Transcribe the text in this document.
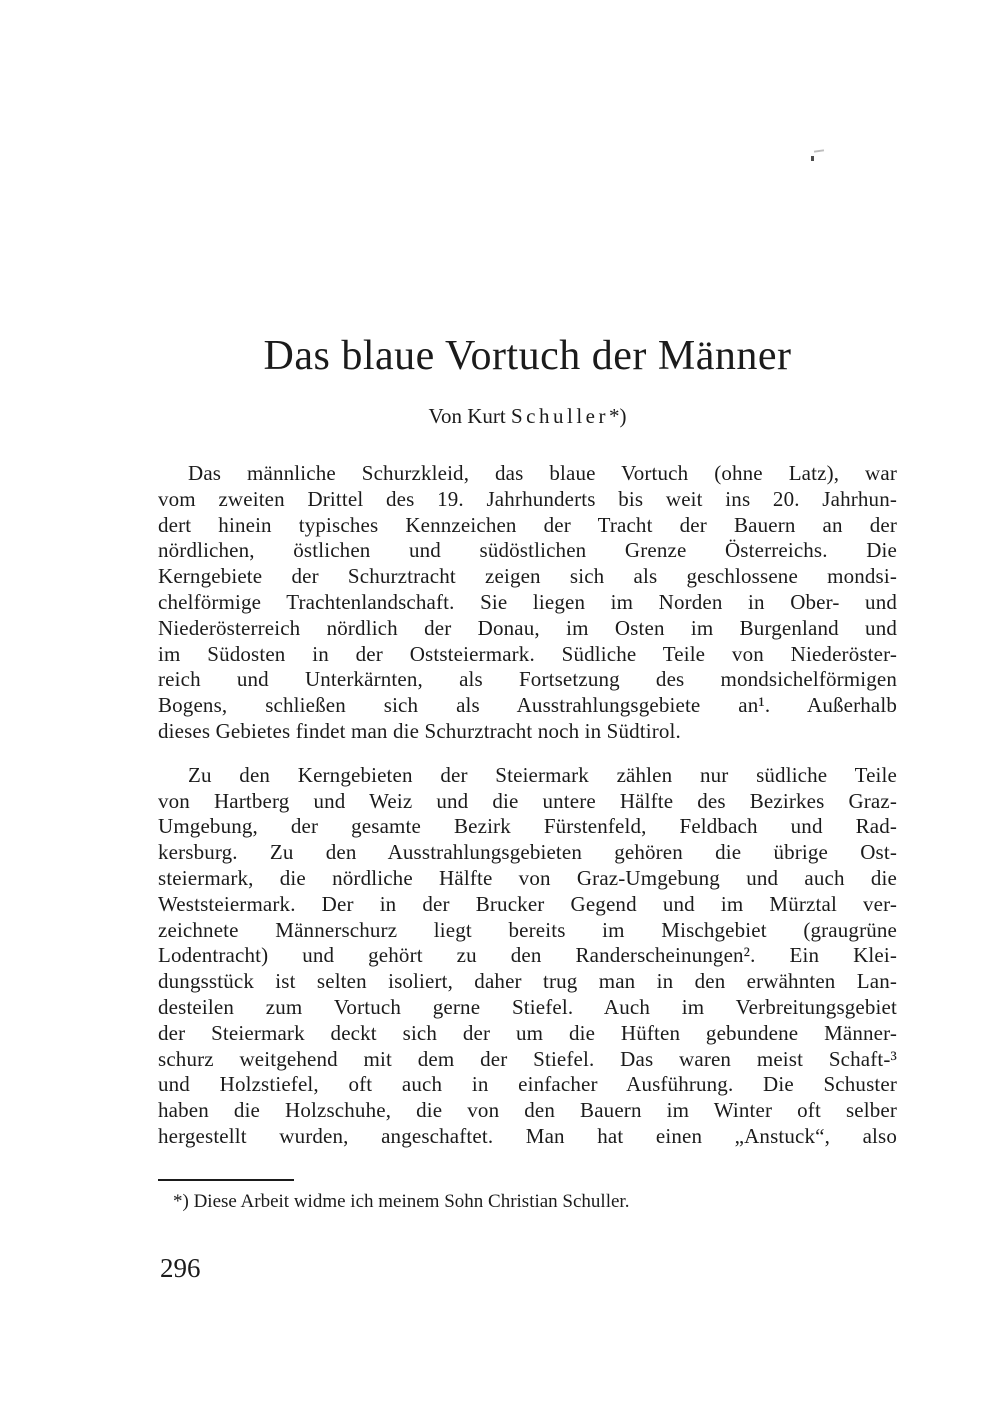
Das blaue Vortuch der Männer
Von Kurt Schuller*)
Das männliche Schurzkleid, das blaue Vortuch (ohne Latz), war
vom zweiten Drittel des 19. Jahrhunderts bis weit ins 20. Jahrhun-
dert hinein typisches Kennzeichen der Tracht der Bauern an der
nördlichen, östlichen und südöstlichen Grenze Österreichs. Die
Kerngebiete der Schurztracht zeigen sich als geschlossene mondsi-
chelförmige Trachtenlandschaft. Sie liegen im Norden in Ober- und
Niederösterreich nördlich der Donau, im Osten im Burgenland und
im Südosten in der Oststeiermark. Südliche Teile von Niederöster-
reich und Unterkärnten, als Fortsetzung des mondsichelförmigen
Bogens, schließen sich als Ausstrahlungsgebiete an¹. Außerhalb
dieses Gebietes findet man die Schurztracht noch in Südtirol.
Zu den Kerngebieten der Steiermark zählen nur südliche Teile
von Hartberg und Weiz und die untere Hälfte des Bezirkes Graz-
Umgebung, der gesamte Bezirk Fürstenfeld, Feldbach und Rad-
kersburg. Zu den Ausstrahlungsgebieten gehören die übrige Ost-
steiermark, die nördliche Hälfte von Graz-Umgebung und auch die
Weststeiermark. Der in der Brucker Gegend und im Mürztal ver-
zeichnete Männerschurz liegt bereits im Mischgebiet (graugrüne
Lodentracht) und gehört zu den Randerscheinungen². Ein Klei-
dungsstück ist selten isoliert, daher trug man in den erwähnten Lan-
desteilen zum Vortuch gerne Stiefel. Auch im Verbreitungsgebiet
der Steiermark deckt sich der um die Hüften gebundene Männer-
schurz weitgehend mit dem der Stiefel. Das waren meist Schaft-³
und Holzstiefel, oft auch in einfacher Ausführung. Die Schuster
haben die Holzschuhe, die von den Bauern im Winter oft selber
hergestellt wurden, angeschaftet. Man hat einen „Anstuck“, also
*) Diese Arbeit widme ich meinem Sohn Christian Schuller.
296
